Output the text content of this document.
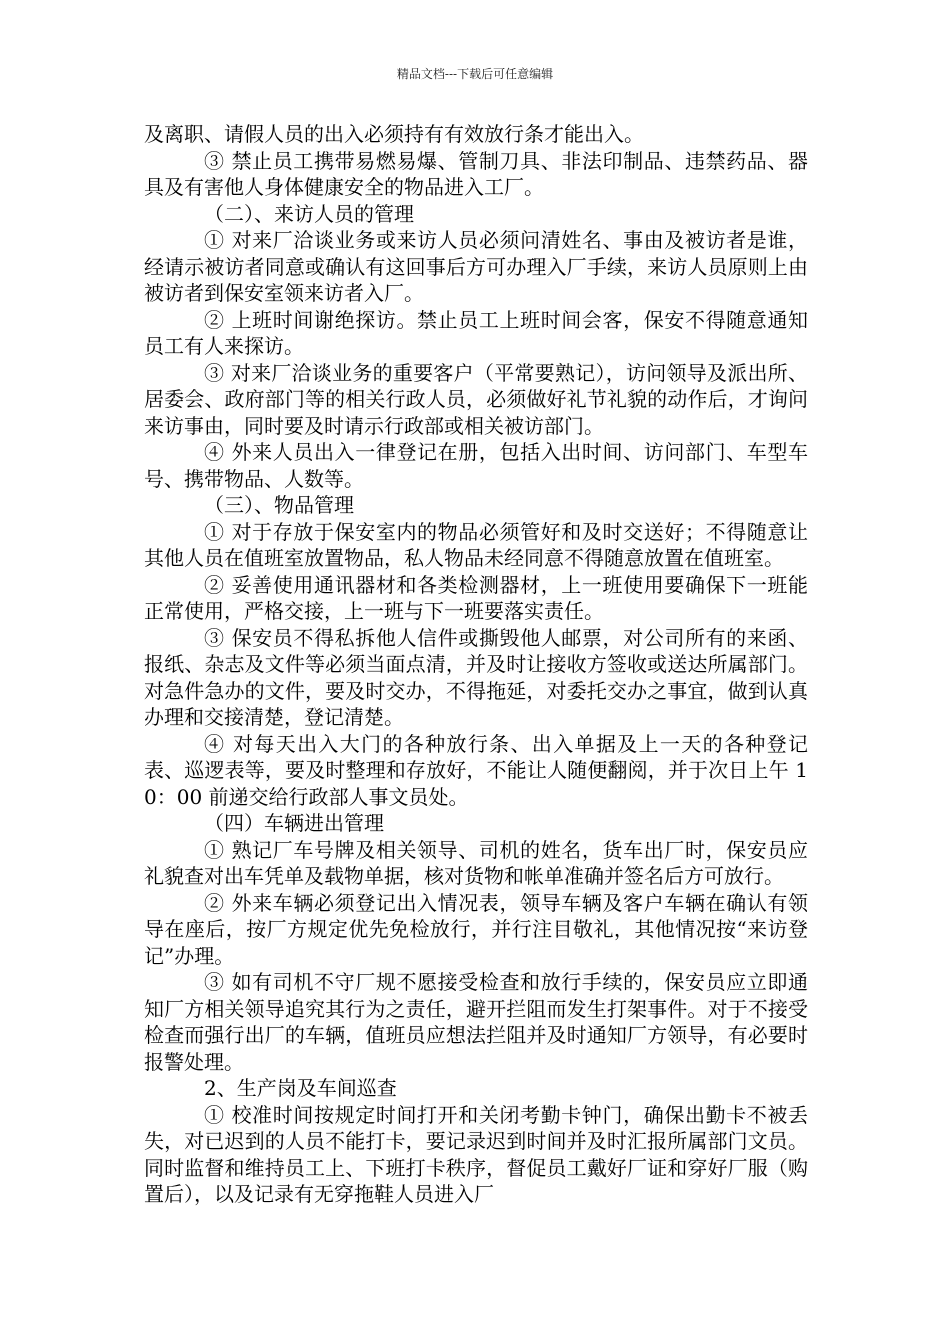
精品文档---下载后可任意编辑

及离职、请假人员的出入必须持有有效放行条才能出入。

③ 禁止员工携带易燃易爆、管制刀具、非法印制品、违禁药品、器具及有害他人身体健康安全的物品进入工厂。

（二）、来访人员的管理

① 对来厂洽谈业务或来访人员必须问清姓名、事由及被访者是谁，经请示被访者同意或确认有这回事后方可办理入厂手续，来访人员原则上由被访者到保安室领来访者入厂。

② 上班时间谢绝探访。禁止员工上班时间会客，保安不得随意通知员工有人来探访。

③ 对来厂洽谈业务的重要客户（平常要熟记），访问领导及派出所、居委会、政府部门等的相关行政人员，必须做好礼节礼貌的动作后，才询问来访事由，同时要及时请示行政部或相关被访部门。

④ 外来人员出入一律登记在册，包括入出时间、访问部门、车型车号、携带物品、人数等。

（三）、物品管理

① 对于存放于保安室内的物品必须管好和及时交送好；不得随意让其他人员在值班室放置物品，私人物品未经同意不得随意放置在值班室。

② 妥善使用通讯器材和各类检测器材，上一班使用要确保下一班能正常使用，严格交接，上一班与下一班要落实责任。

③ 保安员不得私拆他人信件或撕毁他人邮票，对公司所有的来函、报纸、杂志及文件等必须当面点清，并及时让接收方签收或送达所属部门。对急件急办的文件，要及时交办，不得拖延，对委托交办之事宜，做到认真办理和交接清楚，登记清楚。

④ 对每天出入大门的各种放行条、出入单据及上一天的各种登记表、巡逻表等，要及时整理和存放好，不能让人随便翻阅，并于次日上午 10：00 前递交给行政部人事文员处。

（四）车辆进出管理

① 熟记厂车号牌及相关领导、司机的姓名，货车出厂时，保安员应礼貌查对出车凭单及载物单据，核对货物和帐单准确并签名后方可放行。

② 外来车辆必须登记出入情况表，领导车辆及客户车辆在确认有领导在座后，按厂方规定优先免检放行，并行注目敬礼，其他情况按“来访登记”办理。

③ 如有司机不守厂规不愿接受检查和放行手续的，保安员应立即通知厂方相关领导追究其行为之责任，避开拦阻而发生打架事件。对于不接受检查而强行出厂的车辆，值班员应想法拦阻并及时通知厂方领导，有必要时报警处理。

2、生产岗及车间巡查

① 校准时间按规定时间打开和关闭考勤卡钟门，确保出勤卡不被丢失，对已迟到的人员不能打卡，要记录迟到时间并及时汇报所属部门文员。同时监督和维持员工上、下班打卡秩序，督促员工戴好厂证和穿好厂服（购置后），以及记录有无穿拖鞋人员进入厂
